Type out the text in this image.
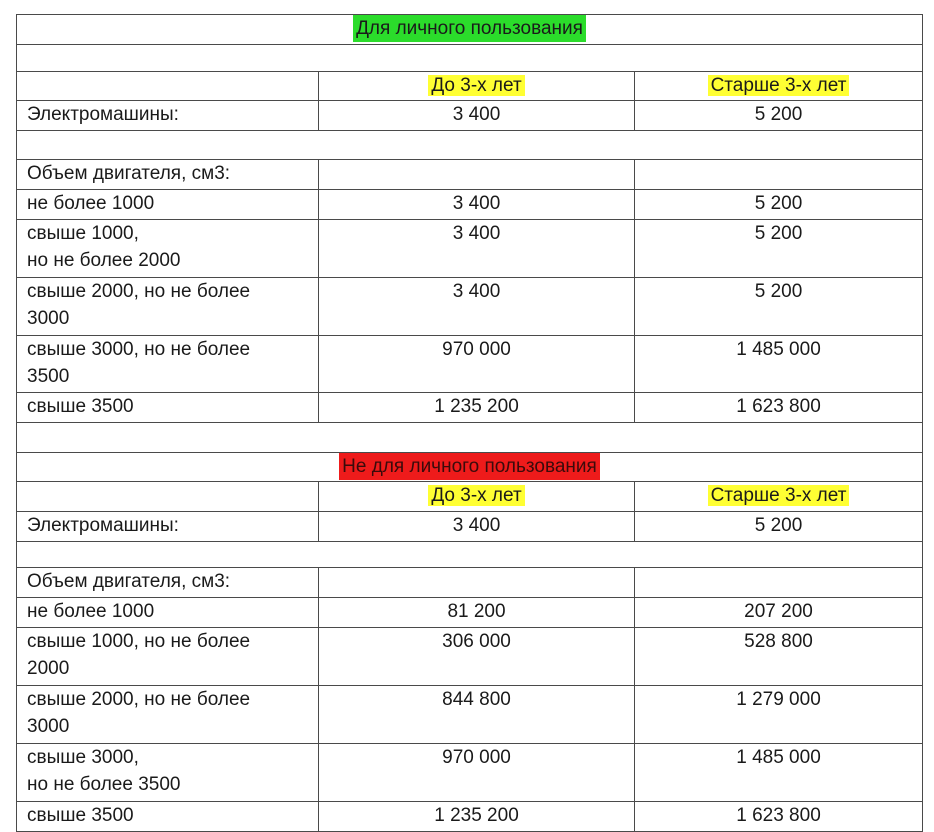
Для личного пользования		

	До 3-х лет	Старше 3-х лет
Электромашины:	3 400	5 200

Объем двигателя, см3:		
не более 1000	3 400	5 200
свыше 1000,
но не более 2000	3 400	5 200
свыше 2000, но не более
3000	3 400	5 200
свыше 3000, но не более
3500	970 000	1 485 000
свыше 3500	1 235 200	1 623 800

Не для личного пользования		
	До 3-х лет	Старше 3-х лет
Электромашины:	3 400	5 200

Объем двигателя, см3:		
не более 1000	81 200	207 200
свыше 1000, но не более
2000	306 000	528 800
свыше 2000, но не более
3000	844 800	1 279 000
свыше 3000,
но не более 3500	970 000	1 485 000
свыше 3500	1 235 200	1 623 800
